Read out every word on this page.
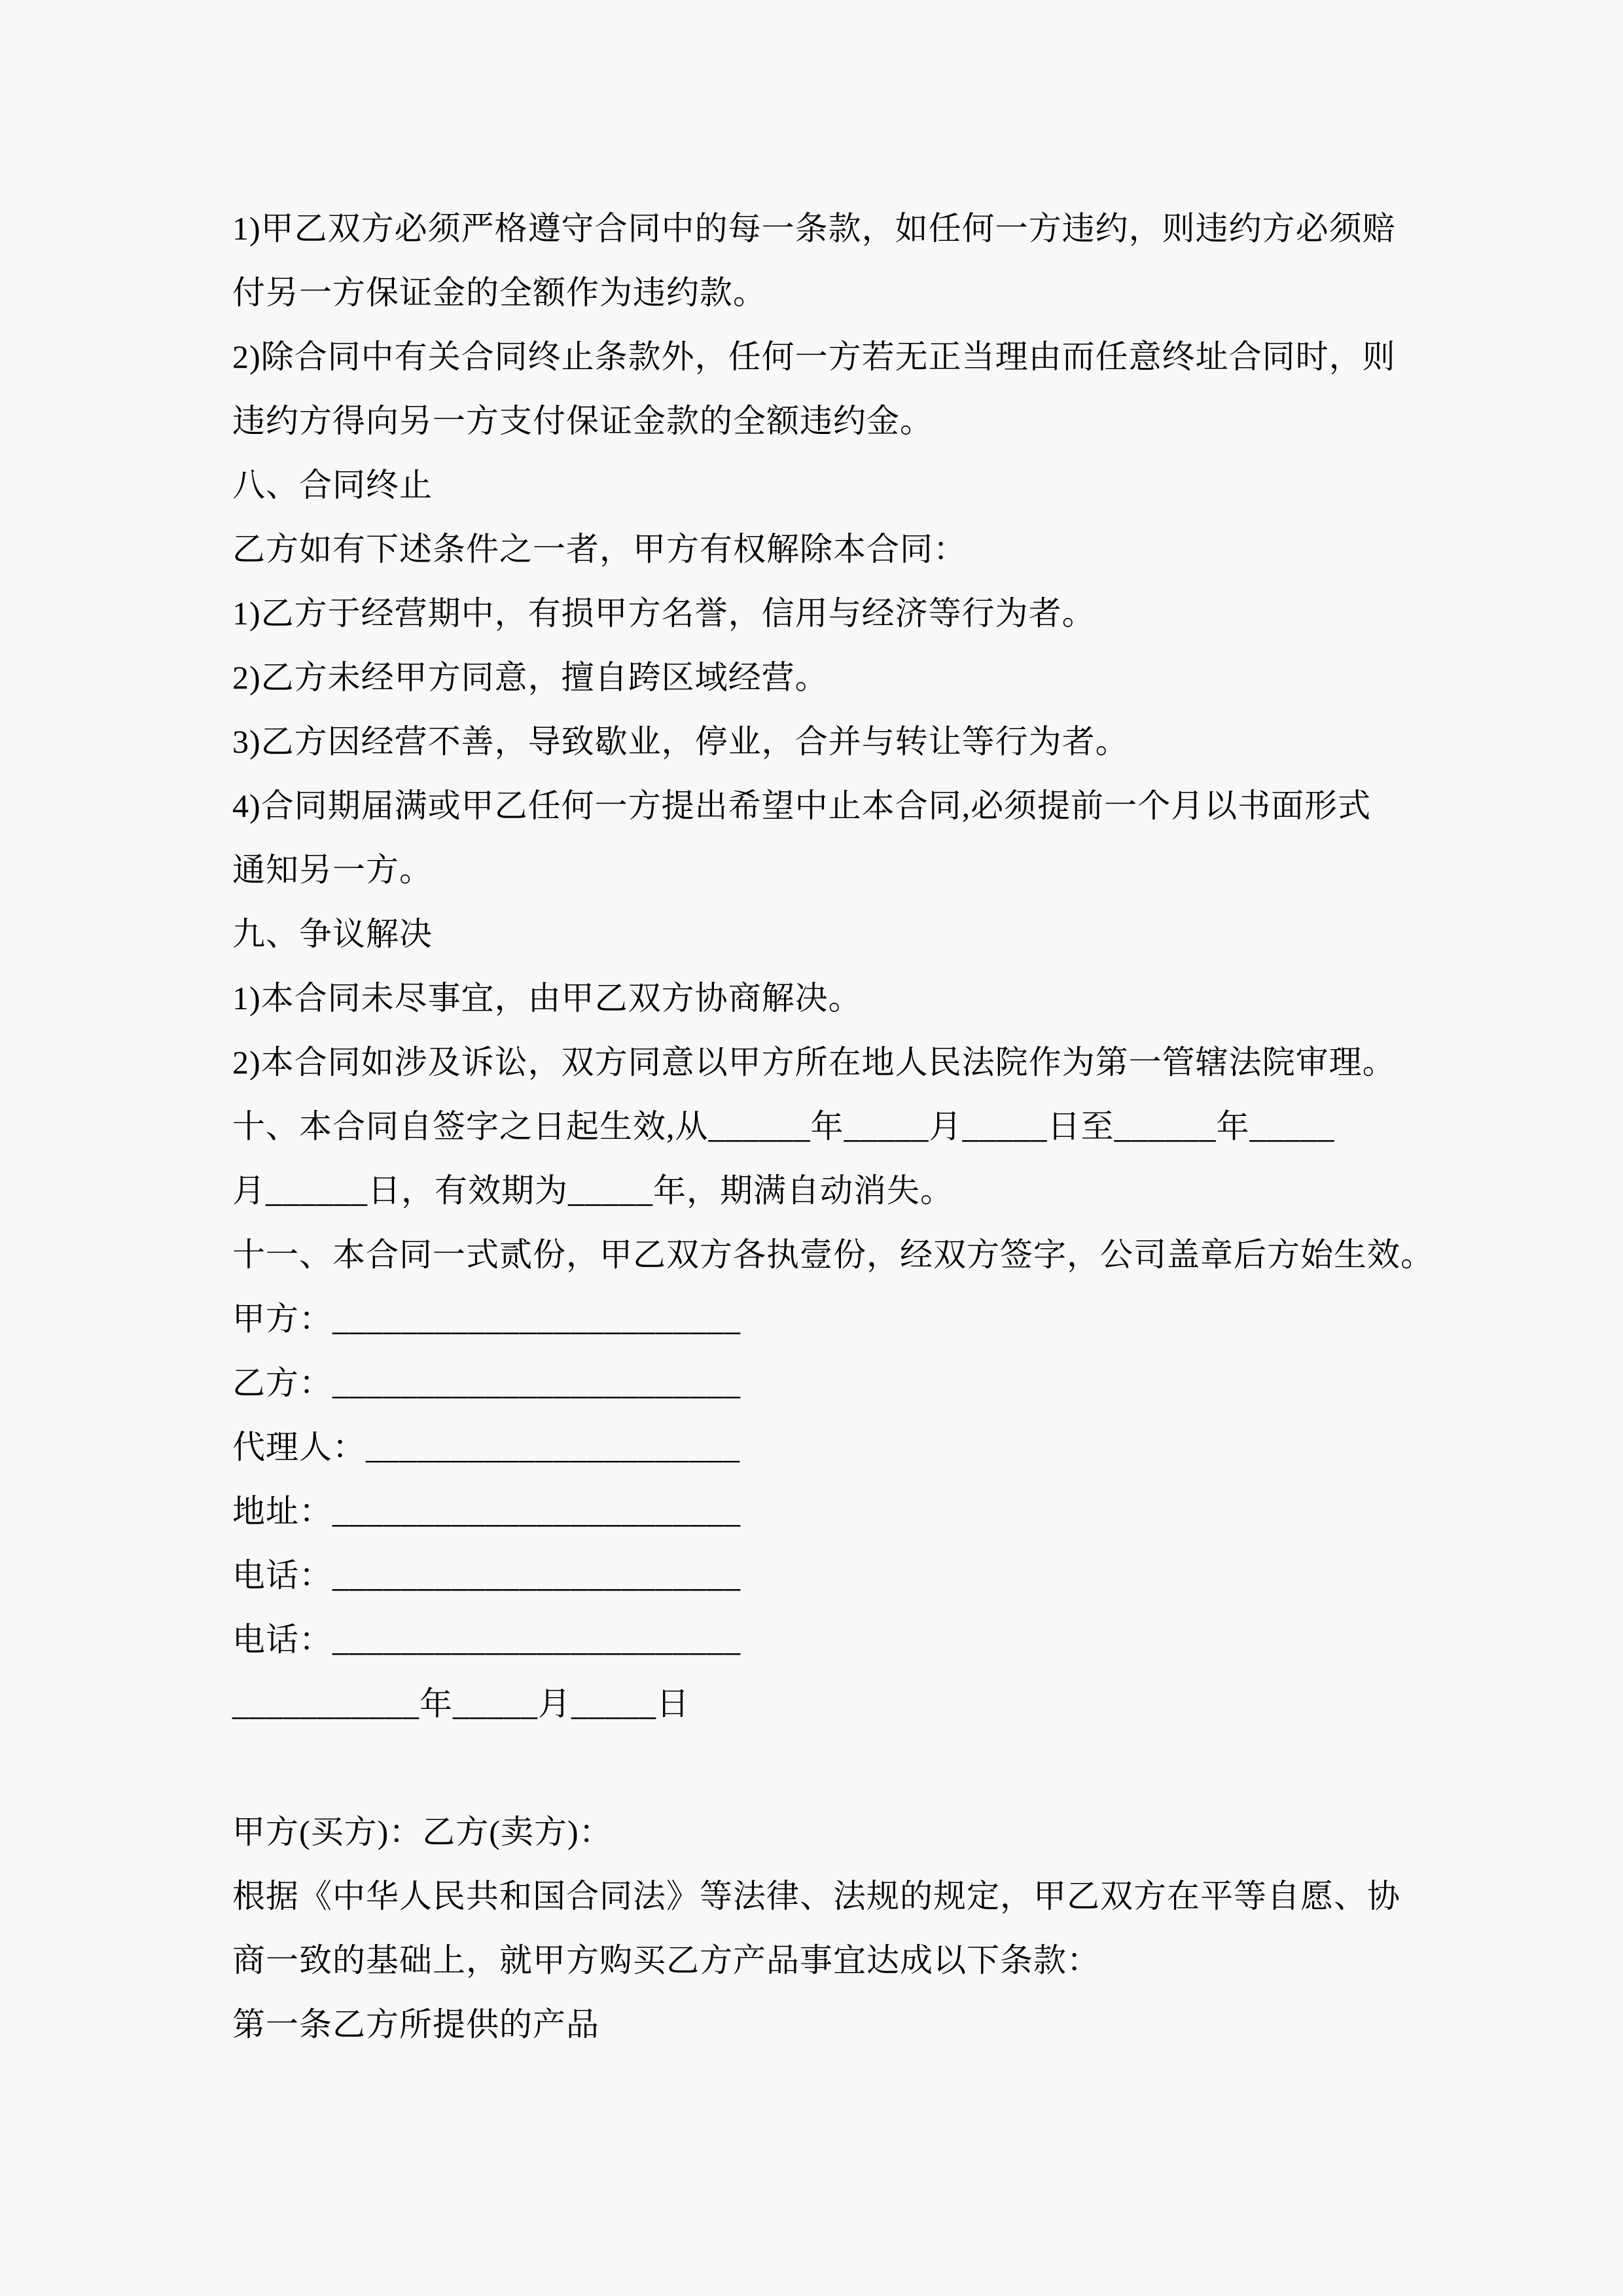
1)甲乙双方必须严格遵守合同中的每一条款，如任何一方违约，则违约方必须赔
付另一方保证金的全额作为违约款。
2)除合同中有关合同终止条款外，任何一方若无正当理由而任意终址合同时，则
违约方得向另一方支付保证金款的全额违约金。
八、合同终止
乙方如有下述条件之一者，甲方有权解除本合同：
1)乙方于经营期中，有损甲方名誉，信用与经济等行为者。
2)乙方未经甲方同意，擅自跨区域经营。
3)乙方因经营不善，导致歇业，停业，合并与转让等行为者。
4)合同期届满或甲乙任何一方提出希望中止本合同,必须提前一个月以书面形式
通知另一方。
九、争议解决
1)本合同未尽事宜，由甲乙双方协商解决。
2)本合同如涉及诉讼，双方同意以甲方所在地人民法院作为第一管辖法院审理。
十、本合同自签字之日起生效,从______年_____月_____日至______年_____
月______日，有效期为_____年，期满自动消失。
十一、本合同一式贰份，甲乙双方各执壹份，经双方签字，公司盖章后方始生效。
甲方：________________________
乙方：________________________
代理人：______________________
地址：________________________
电话：________________________
电话：________________________
___________年_____月_____日
甲方(买方)：乙方(卖方)：
根据《中华人民共和国合同法》等法律、法规的规定，甲乙双方在平等自愿、协
商一致的基础上，就甲方购买乙方产品事宜达成以下条款：
第一条乙方所提供的产品
